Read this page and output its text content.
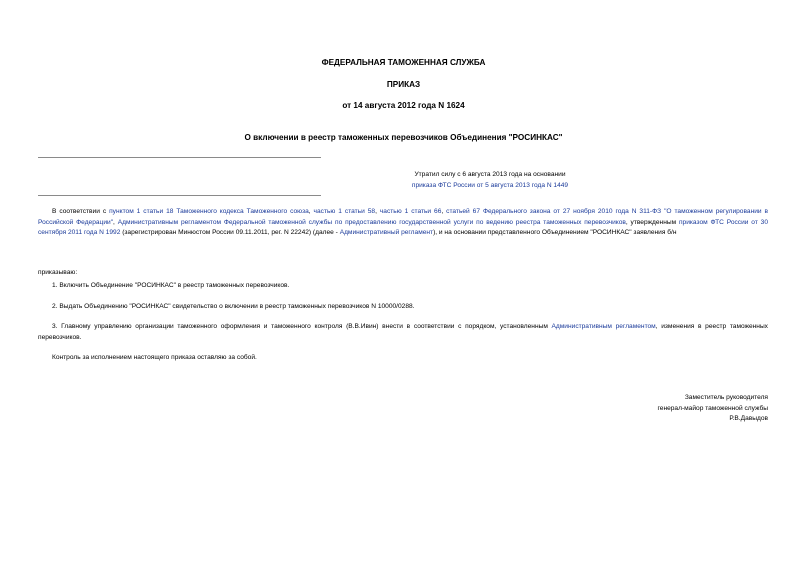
ФЕДЕРАЛЬНАЯ ТАМОЖЕННАЯ СЛУЖБА
ПРИКАЗ
от 14 августа 2012 года N 1624
О включении в реестр таможенных перевозчиков Объединения "РОСИНКАС"
Утратил силу с 6 августа 2013 года на основании
приказа ФТС России от 5 августа 2013 года N 1449
В соответствии с пунктом 1 статьи 18 Таможенного кодекса Таможенного союза, частью 1 статьи 58, частью 1 статьи 66, статьей 67 Федерального закона от 27 ноября 2010 года N 311-ФЗ "О таможенном регулировании в Российской Федерации", Административным регламентом Федеральной таможенной службы по предоставлению государственной услуги по ведению реестра таможенных перевозчиков, утвержденным приказом ФТС России от 30 сентября 2011 года N 1992 (зарегистрирован Минюстом России 09.11.2011, рег. N 22242) (далее - Административный регламент), и на основании представленного Объединением "РОСИНКАС" заявления б/н
приказываю:
1. Включить Объединение "РОСИНКАС" в реестр таможенных перевозчиков.
2. Выдать Объединению "РОСИНКАС" свидетельство о включении в реестр таможенных перевозчиков N 10000/0288.
3. Главному управлению организации таможенного оформления и таможенного контроля (В.В.Ивин) внести в соответствии с порядком, установленным Административным регламентом, изменения в реестр таможенных перевозчиков.
Контроль за исполнением настоящего приказа оставляю за собой.
Заместитель руководителя
генерал-майор таможенной службы
Р.В.Давыдов
